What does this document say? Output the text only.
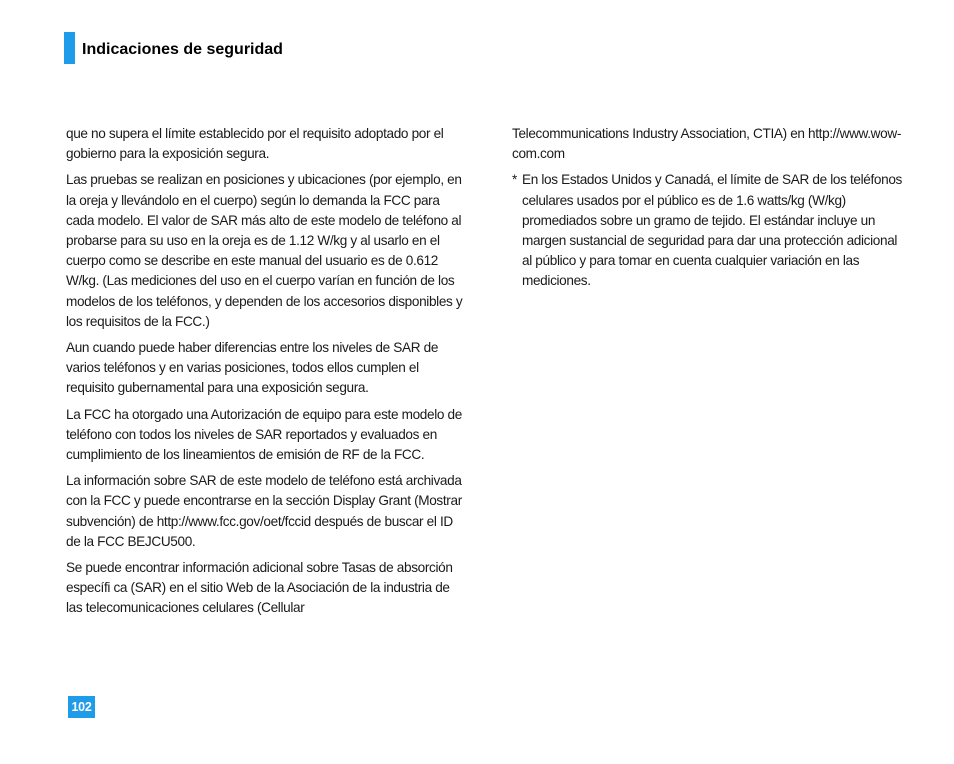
Indicaciones de seguridad

que no supera el límite establecido por el requisito adoptado por el gobierno para la exposición segura.

Las pruebas se realizan en posiciones y ubicaciones (por ejemplo, en la oreja y llevándolo en el cuerpo) según lo demanda la FCC para cada modelo. El valor de SAR más alto de este modelo de teléfono al probarse para su uso en la oreja es de 1.12 W/kg y al usarlo en el cuerpo como se describe en este manual del usuario es de 0.612 W/kg. (Las mediciones del uso en el cuerpo varían en función de los modelos de los teléfonos, y dependen de los accesorios disponibles y los requisitos de la FCC.)

Aun cuando puede haber diferencias entre los niveles de SAR de varios teléfonos y en varias posiciones, todos ellos cumplen el requisito gubernamental para una exposición segura.

La FCC ha otorgado una Autorización de equipo para este modelo de teléfono con todos los niveles de SAR reportados y evaluados en cumplimiento de los lineamientos de emisión de RF de la FCC.

La información sobre SAR de este modelo de teléfono está archivada con la FCC y puede encontrarse en la sección Display Grant (Mostrar subvención) de http://www.fcc.gov/oet/fccid después de buscar el ID de la FCC BEJCU500.

Se puede encontrar información adicional sobre Tasas de absorción específi ca (SAR) en el sitio Web de la Asociación de la industria de las telecomunicaciones celulares (Cellular

Telecommunications Industry Association, CTIA) en http://www.wow-com.com

* En los Estados Unidos y Canadá, el límite de SAR de los teléfonos celulares usados por el público es de 1.6 watts/kg (W/kg) promediados sobre un gramo de tejido. El estándar incluye un margen sustancial de seguridad para dar una protección adicional al público y para tomar en cuenta cualquier variación en las mediciones.

102
